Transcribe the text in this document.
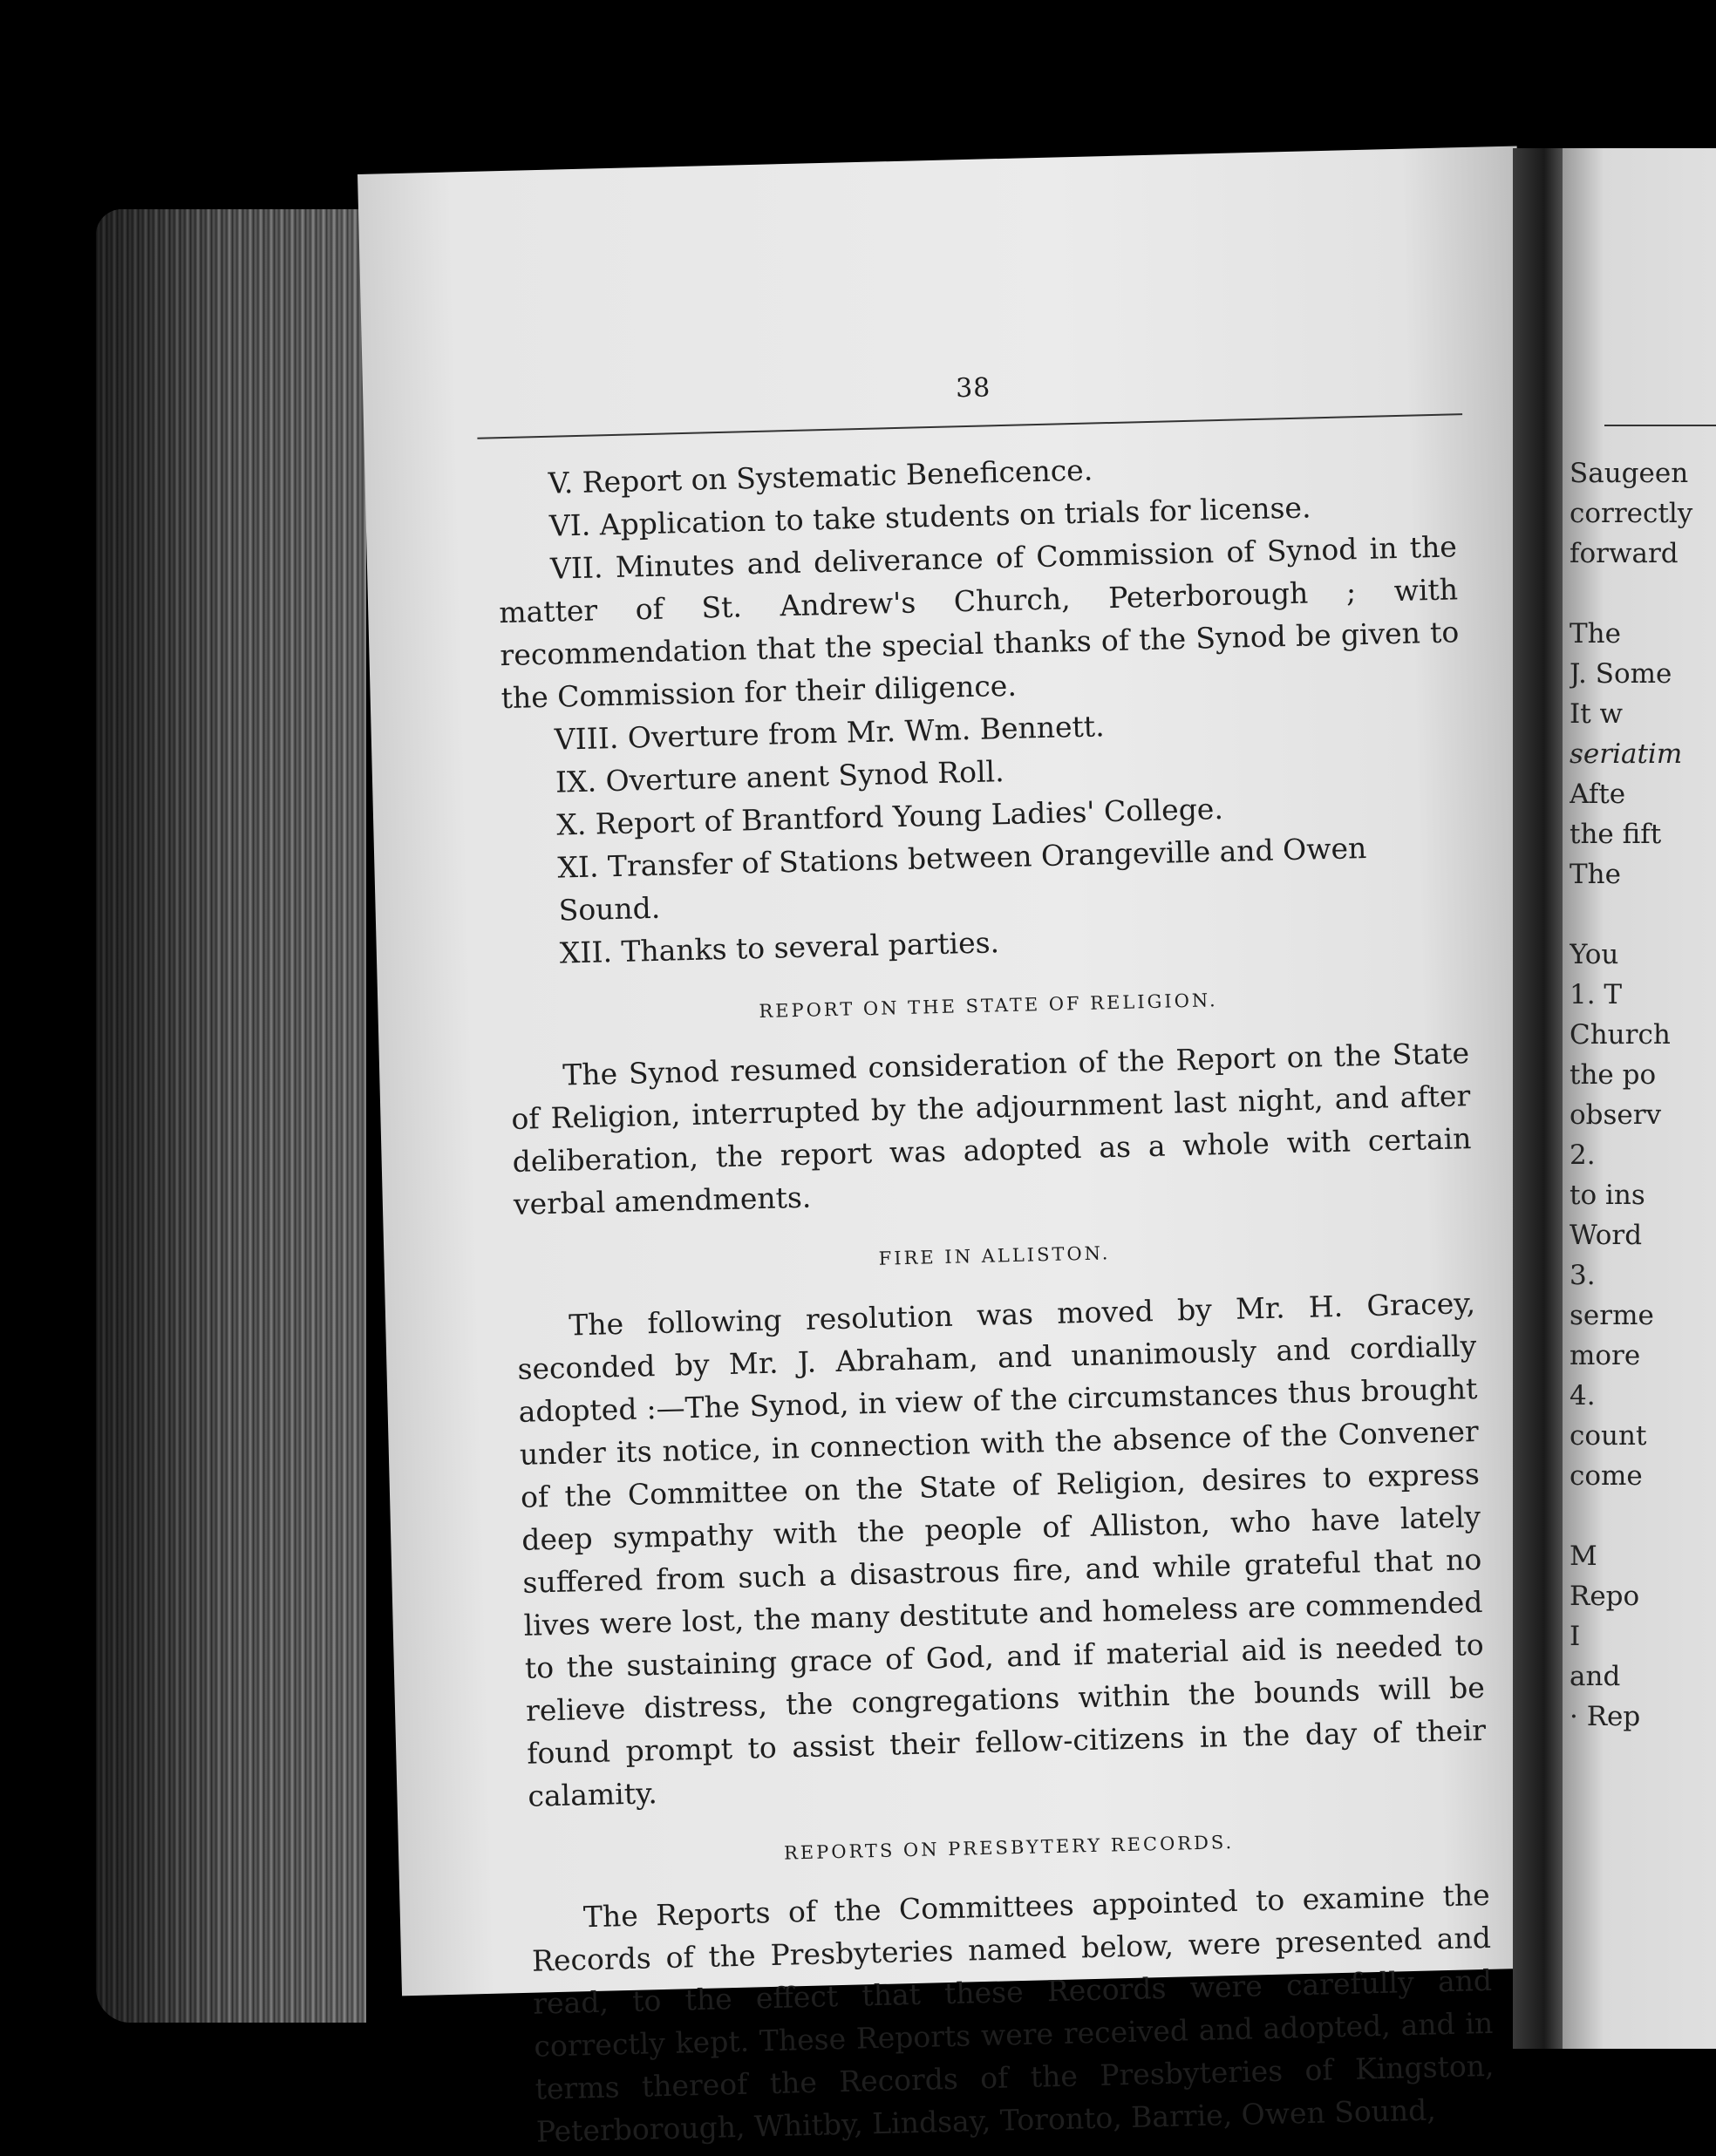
38
V. Report on Systematic Beneficence.
VI. Application to take students on trials for license.
VII. Minutes and deliverance of Commission of Synod in the matter of St. Andrew's Church, Peterborough ; with recommendation that the special thanks of the Synod be given to the Commission for their diligence.
VIII. Overture from Mr. Wm. Bennett.
IX. Overture anent Synod Roll.
X. Report of Brantford Young Ladies' College.
XI. Transfer of Stations between Orangeville and Owen Sound.
XII. Thanks to several parties.
REPORT ON THE STATE OF RELIGION.

The Synod resumed consideration of the Report on the State of Religion, interrupted by the adjournment last night, and after deliberation, the report was adopted as a whole with certain verbal amendments.

FIRE IN ALLISTON.

The following resolution was moved by Mr. H. Gracey, seconded by Mr. J. Abraham, and unanimously and cordially adopted :—The Synod, in view of the circumstances thus brought under its notice, in connection with the absence of the Convener of the Committee on the State of Religion, desires to express deep sympathy with the people of Alliston, who have lately suffered from such a disastrous fire, and while grateful that no lives were lost, the many destitute and homeless are commended to the sustaining grace of God, and if material aid is needed to relieve distress, the congregations within the bounds will be found prompt to assist their fellow-citizens in the day of their calamity.

REPORTS ON PRESBYTERY RECORDS.

The Reports of the Committees appointed to examine the Records of the Presbyteries named below, were presented and read, to the effect that these Records were carefully and correctly kept. These Reports were received and adopted, and in terms thereof the Records of the Presbyteries of Kingston, Peterborough, Whitby, Lindsay, Toronto, Barrie, Owen Sound,

Saugeen
correctly
forward

The
J. Some
It w
seriatim
Afte
the fift
The

You
1. T
Church
the po
observ
2.
to ins
Word
3.
serme
more
4.
count
come

M
Repo
I
and
· Rep
